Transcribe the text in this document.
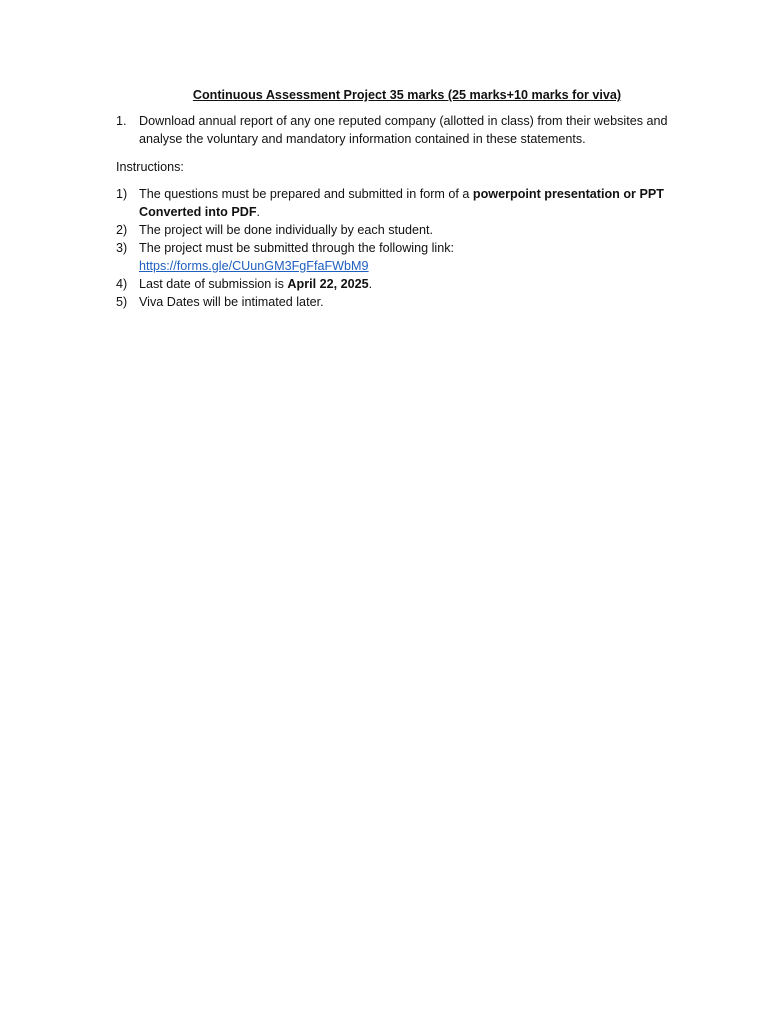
Continuous Assessment Project 35 marks (25 marks+10 marks for viva)
1. Download annual report of any one reputed company (allotted in class) from their websites and analyse the voluntary and mandatory information contained in these statements.
Instructions:
1) The questions must be prepared and submitted in form of a powerpoint presentation or PPT Converted into PDF.
2) The project will be done individually by each student.
3) The project must be submitted through the following link:
https://forms.gle/CUunGM3FgFfaFWbM9
4) Last date of submission is April 22, 2025.
5) Viva Dates will be intimated later.
